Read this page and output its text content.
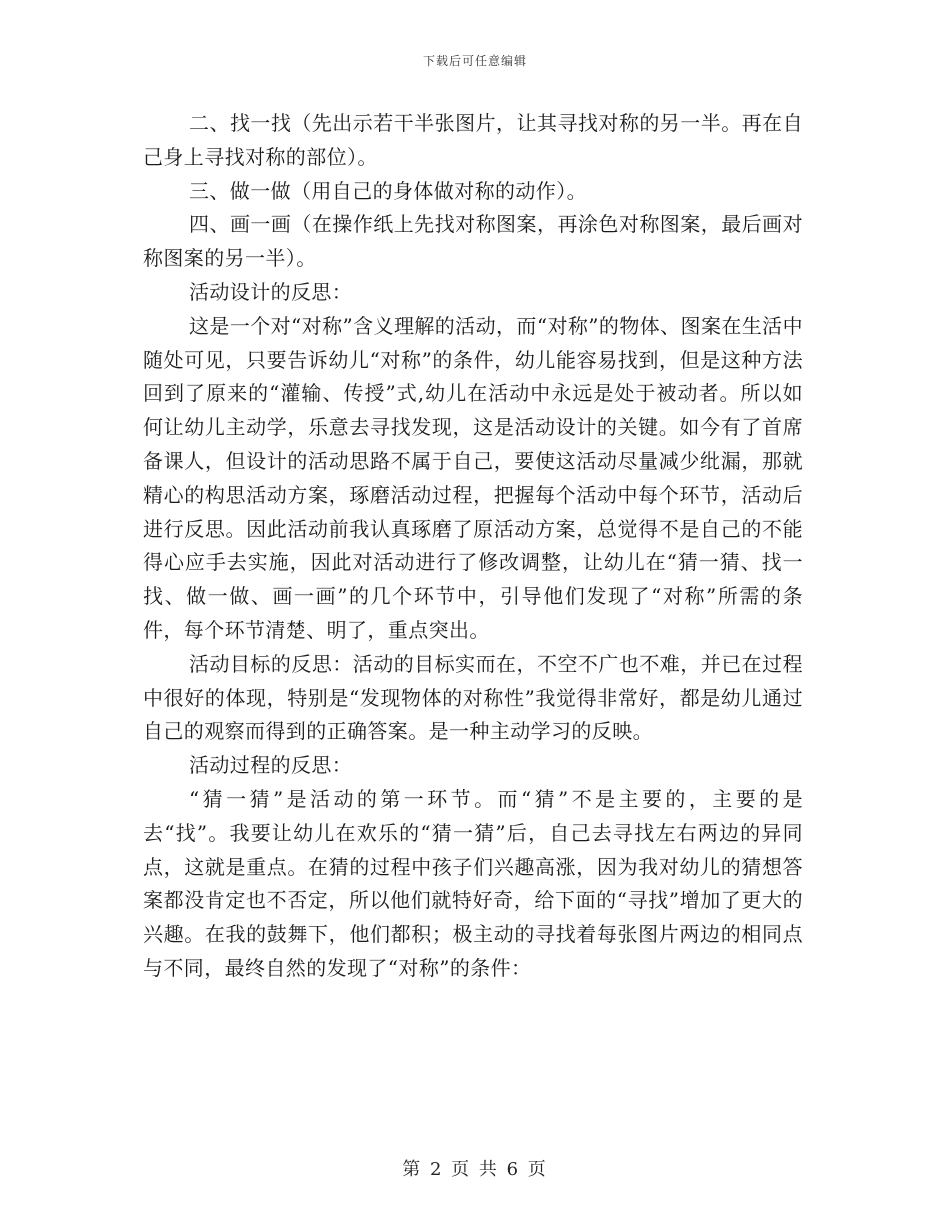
下载后可任意编辑

二、找一找（先出示若干半张图片，让其寻找对称的另一半。再在自己身上寻找对称的部位）。

三、做一做（用自己的身体做对称的动作）。

四、画一画（在操作纸上先找对称图案，再涂色对称图案，最后画对称图案的另一半）。

活动设计的反思：

这是一个对“对称”含义理解的活动，而“对称”的物体、图案在生活中随处可见，只要告诉幼儿“对称”的条件，幼儿能容易找到，但是这种方法回到了原来的“灌输、传授”式,幼儿在活动中永远是处于被动者。所以如何让幼儿主动学，乐意去寻找发现，这是活动设计的关键。如今有了首席备课人，但设计的活动思路不属于自己，要使这活动尽量减少纰漏，那就精心的构思活动方案，琢磨活动过程，把握每个活动中每个环节，活动后进行反思。因此活动前我认真琢磨了原活动方案，总觉得不是自己的不能得心应手去实施，因此对活动进行了修改调整，让幼儿在“猜一猜、找一找、做一做、画一画”的几个环节中，引导他们发现了“对称”所需的条件，每个环节清楚、明了，重点突出。

活动目标的反思：活动的目标实而在，不空不广也不难，并已在过程中很好的体现，特别是“发现物体的对称性”我觉得非常好，都是幼儿通过自己的观察而得到的正确答案。是一种主动学习的反映。

活动过程的反思：

“猜一猜”是活动的第一环节。而“猜”不是主要的，主要的是去“找”。我要让幼儿在欢乐的“猜一猜”后，自己去寻找左右两边的异同点，这就是重点。在猜的过程中孩子们兴趣高涨，因为我对幼儿的猜想答案都没肯定也不否定，所以他们就特好奇，给下面的“寻找”增加了更大的兴趣。在我的鼓舞下，他们都积；极主动的寻找着每张图片两边的相同点与不同，最终自然的发现了“对称”的条件：

第 2 页 共 6 页
